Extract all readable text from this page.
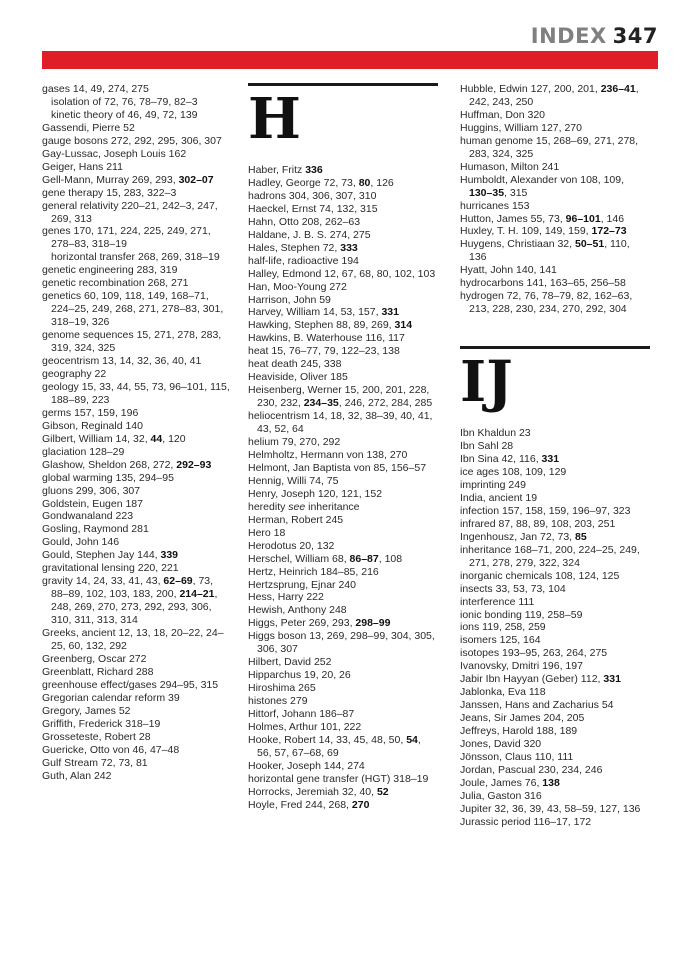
INDEX 347
gases 14, 49, 274, 275
isolation of 72, 76, 78–79, 82–3
kinetic theory of 46, 49, 72, 139
Gassendi, Pierre 52
gauge bosons 272, 292, 295, 306, 307
Gay-Lussac, Joseph Louis 162
Geiger, Hans 211
Gell-Mann, Murray 269, 293, 302–07
gene therapy 15, 283, 322–3
general relativity 220–21, 242–3, 247, 269, 313
genes 170, 171, 224, 225, 249, 271, 278–83, 318–19
horizontal transfer 268, 269, 318–19
genetic engineering 283, 319
genetic recombination 268, 271
genetics 60, 109, 118, 149, 168–71, 224–25, 249, 268, 271, 278–83, 301, 318–19, 326
genome sequences 15, 271, 278, 283, 319, 324, 325
geocentrism 13, 14, 32, 36, 40, 41
geography 22
geology 15, 33, 44, 55, 73, 96–101, 115, 188–89, 223
germs 157, 159, 196
Gibson, Reginald 140
Gilbert, William 14, 32, 44, 120
glaciation 128–29
Glashow, Sheldon 268, 272, 292–93
global warming 135, 294–95
gluons 299, 306, 307
Goldstein, Eugen 187
Gondwanaland 223
Gosling, Raymond 281
Gould, John 146
Gould, Stephen Jay 144, 339
gravitational lensing 220, 221
gravity 14, 24, 33, 41, 43, 62–69, 73, 88–89, 102, 103, 183, 200, 214–21, 248, 269, 270, 273, 292, 293, 306, 310, 311, 313, 314
Greeks, ancient 12, 13, 18, 20–22, 24–25, 60, 132, 292
Greenberg, Oscar 272
Greenblatt, Richard 288
greenhouse effect/gases 294–95, 315
Gregorian calendar reform 39
Gregory, James 52
Griffith, Frederick 318–19
Grosseteste, Robert 28
Guericke, Otto von 46, 47–48
Gulf Stream 72, 73, 81
Guth, Alan 242
H
Haber, Fritz 336
Hadley, George 72, 73, 80, 126
hadrons 304, 306, 307, 310
Haeckel, Ernst 74, 132, 315
Hahn, Otto 208, 262–63
Haldane, J. B. S. 274, 275
Hales, Stephen 72, 333
half-life, radioactive 194
Halley, Edmond 12, 67, 68, 80, 102, 103
Han, Moo-Young 272
Harrison, John 59
Harvey, William 14, 53, 157, 331
Hawking, Stephen 88, 89, 269, 314
Hawkins, B. Waterhouse 116, 117
heat 15, 76–77, 79, 122–23, 138
heat death 245, 338
Heaviside, Oliver 185
Heisenberg, Werner 15, 200, 201, 228, 230, 232, 234–35, 246, 272, 284, 285
heliocentrism 14, 18, 32, 38–39, 40, 41, 43, 52, 64
helium 79, 270, 292
Helmholtz, Hermann von 138, 270
Helmont, Jan Baptista von 85, 156–57
Hennig, Willi 74, 75
Henry, Joseph 120, 121, 152
heredity see inheritance
Herman, Robert 245
Hero 18
Herodotus 20, 132
Herschel, William 68, 86–87, 108
Hertz, Heinrich 184–85, 216
Hertzsprung, Ejnar 240
Hess, Harry 222
Hewish, Anthony 248
Higgs, Peter 269, 293, 298–99
Higgs boson 13, 269, 298–99, 304, 305, 306, 307
Hilbert, David 252
Hipparchus 19, 20, 26
Hiroshima 265
histones 279
Hittorf, Johann 186–87
Holmes, Arthur 101, 222
Hooke, Robert 14, 33, 45, 48, 50, 54, 56, 57, 67–68, 69
Hooker, Joseph 144, 274
horizontal gene transfer (HGT) 318–19
Horrocks, Jeremiah 32, 40, 52
Hoyle, Fred 244, 268, 270
Hubble, Edwin 127, 200, 201, 236–41, 242, 243, 250
Huffman, Don 320
Huggins, William 127, 270
human genome 15, 268–69, 271, 278, 283, 324, 325
Humason, Milton 241
Humboldt, Alexander von 108, 109, 130–35, 315
hurricanes 153
Hutton, James 55, 73, 96–101, 146
Huxley, T. H. 109, 149, 159, 172–73
Huygens, Christiaan 32, 50–51, 110, 136
Hyatt, John 140, 141
hydrocarbons 141, 163–65, 256–58
hydrogen 72, 76, 78–79, 82, 162–63, 213, 228, 230, 234, 270, 292, 304
IJ
Ibn Khaldun 23
Ibn Sahl 28
Ibn Sina 42, 116, 331
ice ages 108, 109, 129
imprinting 249
India, ancient 19
infection 157, 158, 159, 196–97, 323
infrared 87, 88, 89, 108, 203, 251
Ingenhousz, Jan 72, 73, 85
inheritance 168–71, 200, 224–25, 249, 271, 278, 279, 322, 324
inorganic chemicals 108, 124, 125
insects 33, 53, 73, 104
interference 111
ionic bonding 119, 258–59
ions 119, 258, 259
isomers 125, 164
isotopes 193–95, 263, 264, 275
Ivanovsky, Dmitri 196, 197
Jabir Ibn Hayyan (Geber) 112, 331
Jablonka, Eva 118
Janssen, Hans and Zacharius 54
Jeans, Sir James 204, 205
Jeffreys, Harold 188, 189
Jones, David 320
Jönsson, Claus 110, 111
Jordan, Pascual 230, 234, 246
Joule, James 76, 138
Julia, Gaston 316
Jupiter 32, 36, 39, 43, 58–59, 127, 136
Jurassic period 116–17, 172
